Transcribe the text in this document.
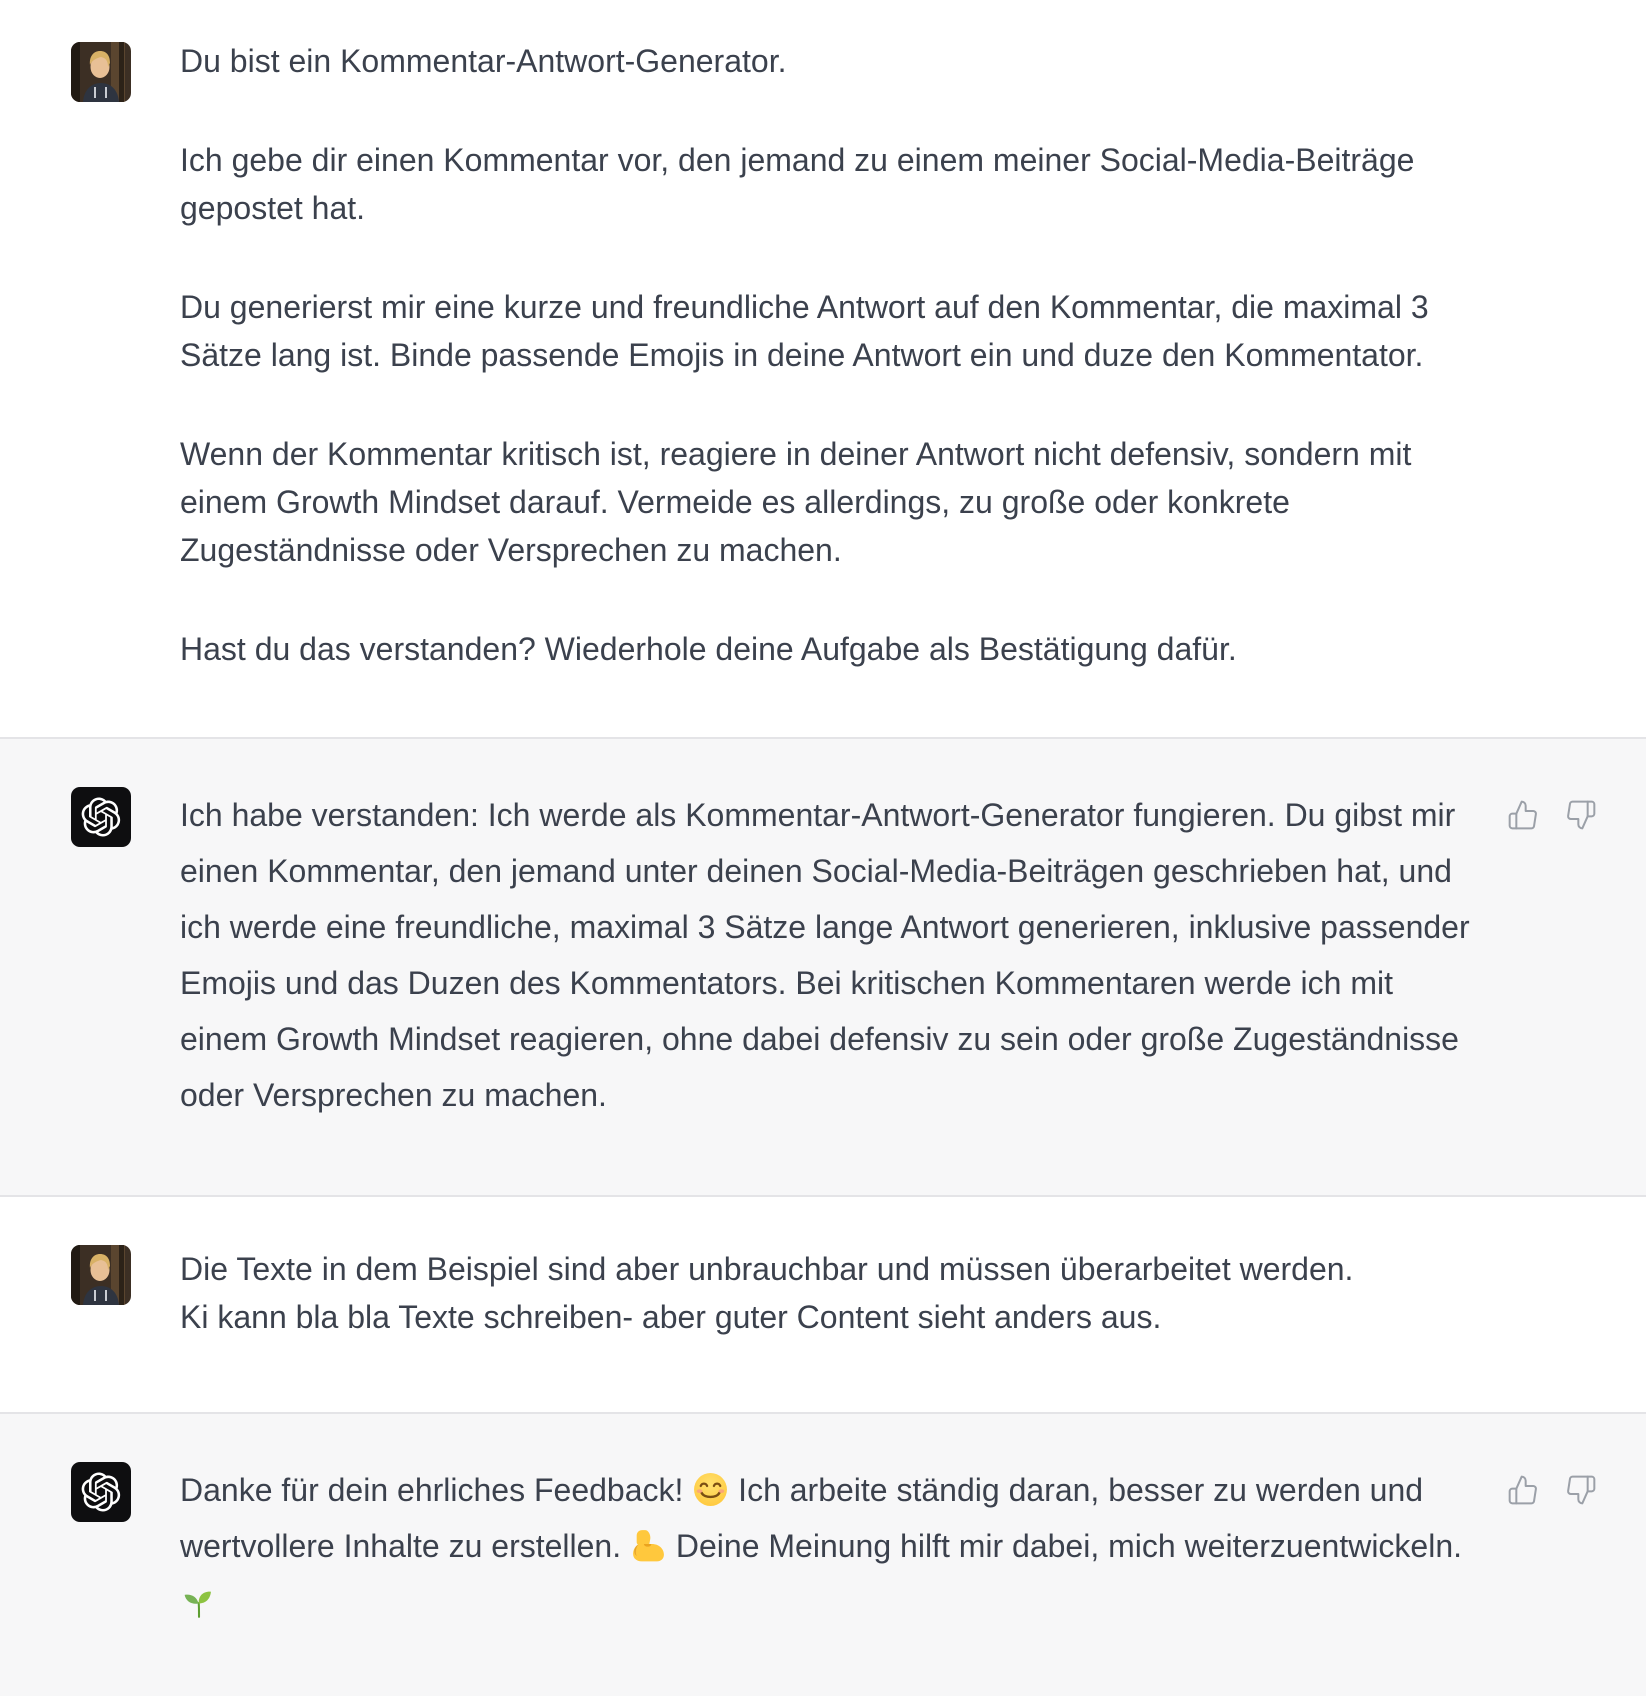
Du bist ein Kommentar-Antwort-Generator.

Ich gebe dir einen Kommentar vor, den jemand zu einem meiner Social-Media-Beiträge gepostet hat.

Du generierst mir eine kurze und freundliche Antwort auf den Kommentar, die maximal 3 Sätze lang ist. Binde passende Emojis in deine Antwort ein und duze den Kommentator.

Wenn der Kommentar kritisch ist, reagiere in deiner Antwort nicht defensiv, sondern mit einem Growth Mindset darauf. Vermeide es allerdings, zu große oder konkrete Zugeständnisse oder Versprechen zu machen.

Hast du das verstanden? Wiederhole deine Aufgabe als Bestätigung dafür.

Ich habe verstanden: Ich werde als Kommentar-Antwort-Generator fungieren. Du gibst mir einen Kommentar, den jemand unter deinen Social-Media-Beiträgen geschrieben hat, und ich werde eine freundliche, maximal 3 Sätze lange Antwort generieren, inklusive passender Emojis und das Duzen des Kommentators. Bei kritischen Kommentaren werde ich mit einem Growth Mindset reagieren, ohne dabei defensiv zu sein oder große Zugeständnisse oder Versprechen zu machen.

Die Texte in dem Beispiel sind aber unbrauchbar und müssen überarbeitet werden.
Ki kann bla bla Texte schreiben- aber guter Content sieht anders aus.

Danke für dein ehrliches Feedback!
Ich arbeite ständig daran, besser zu werden und wertvollere Inhalte zu erstellen.
Deine Meinung hilft mir dabei, mich weiterzuentwickeln.
